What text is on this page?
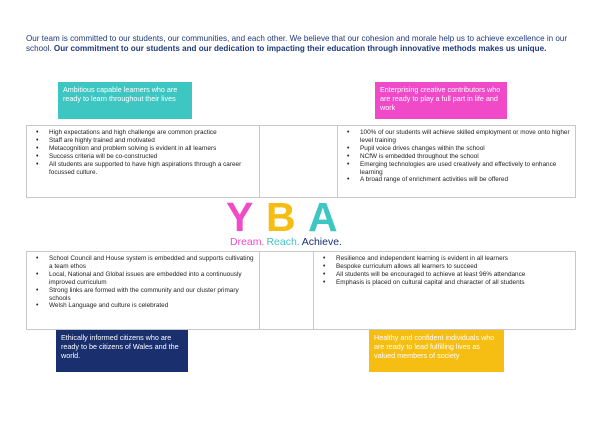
Our team is committed to our students, our communities, and each other. We believe that our cohesion and morale help us to achieve excellence in our school. Our commitment to our students and our dedication to impacting their education through innovative methods makes us unique.
Ambitious capable learners who are ready to learn throughout their lives
Enterprising creative contributors who are ready to play a full part in life and work
• High expectations and high challenge are common practice
• Staff are highly trained and motivated
• Metacognition and problem solving is evident in all learners
• Success criteria will be co-constructed
• All students are supported to have high aspirations through a career focussed culture.
• 100% of our students will achieve skilled employment or move onto higher level training
• Pupil voice drives changes within the school
• NCfW is embedded throughout the school
• Emerging technologies are used creatively and effectively to enhance learning
• A broad range of enrichment activities will be offered
Y B A
Dream. Reach. Achieve.
• School Council and House system is embedded and supports cultivating a team ethos
• Local, National and Global issues are embedded into a continuously improved curriculum
• Strong links are formed with the community and our cluster primary schools
• Welsh Language and culture is celebrated
• Resilience and independent learning is evident in all learners
• Bespoke curriculum allows all learners to succeed
• All students will be encouraged to achieve at least 96% attendance
• Emphasis is placed on cultural capital and character of all students
Ethically informed citizens who are ready to be citizens of Wales and the world.
Healthy and confident individuals who are ready to lead fulfilling lives as valued members of society
